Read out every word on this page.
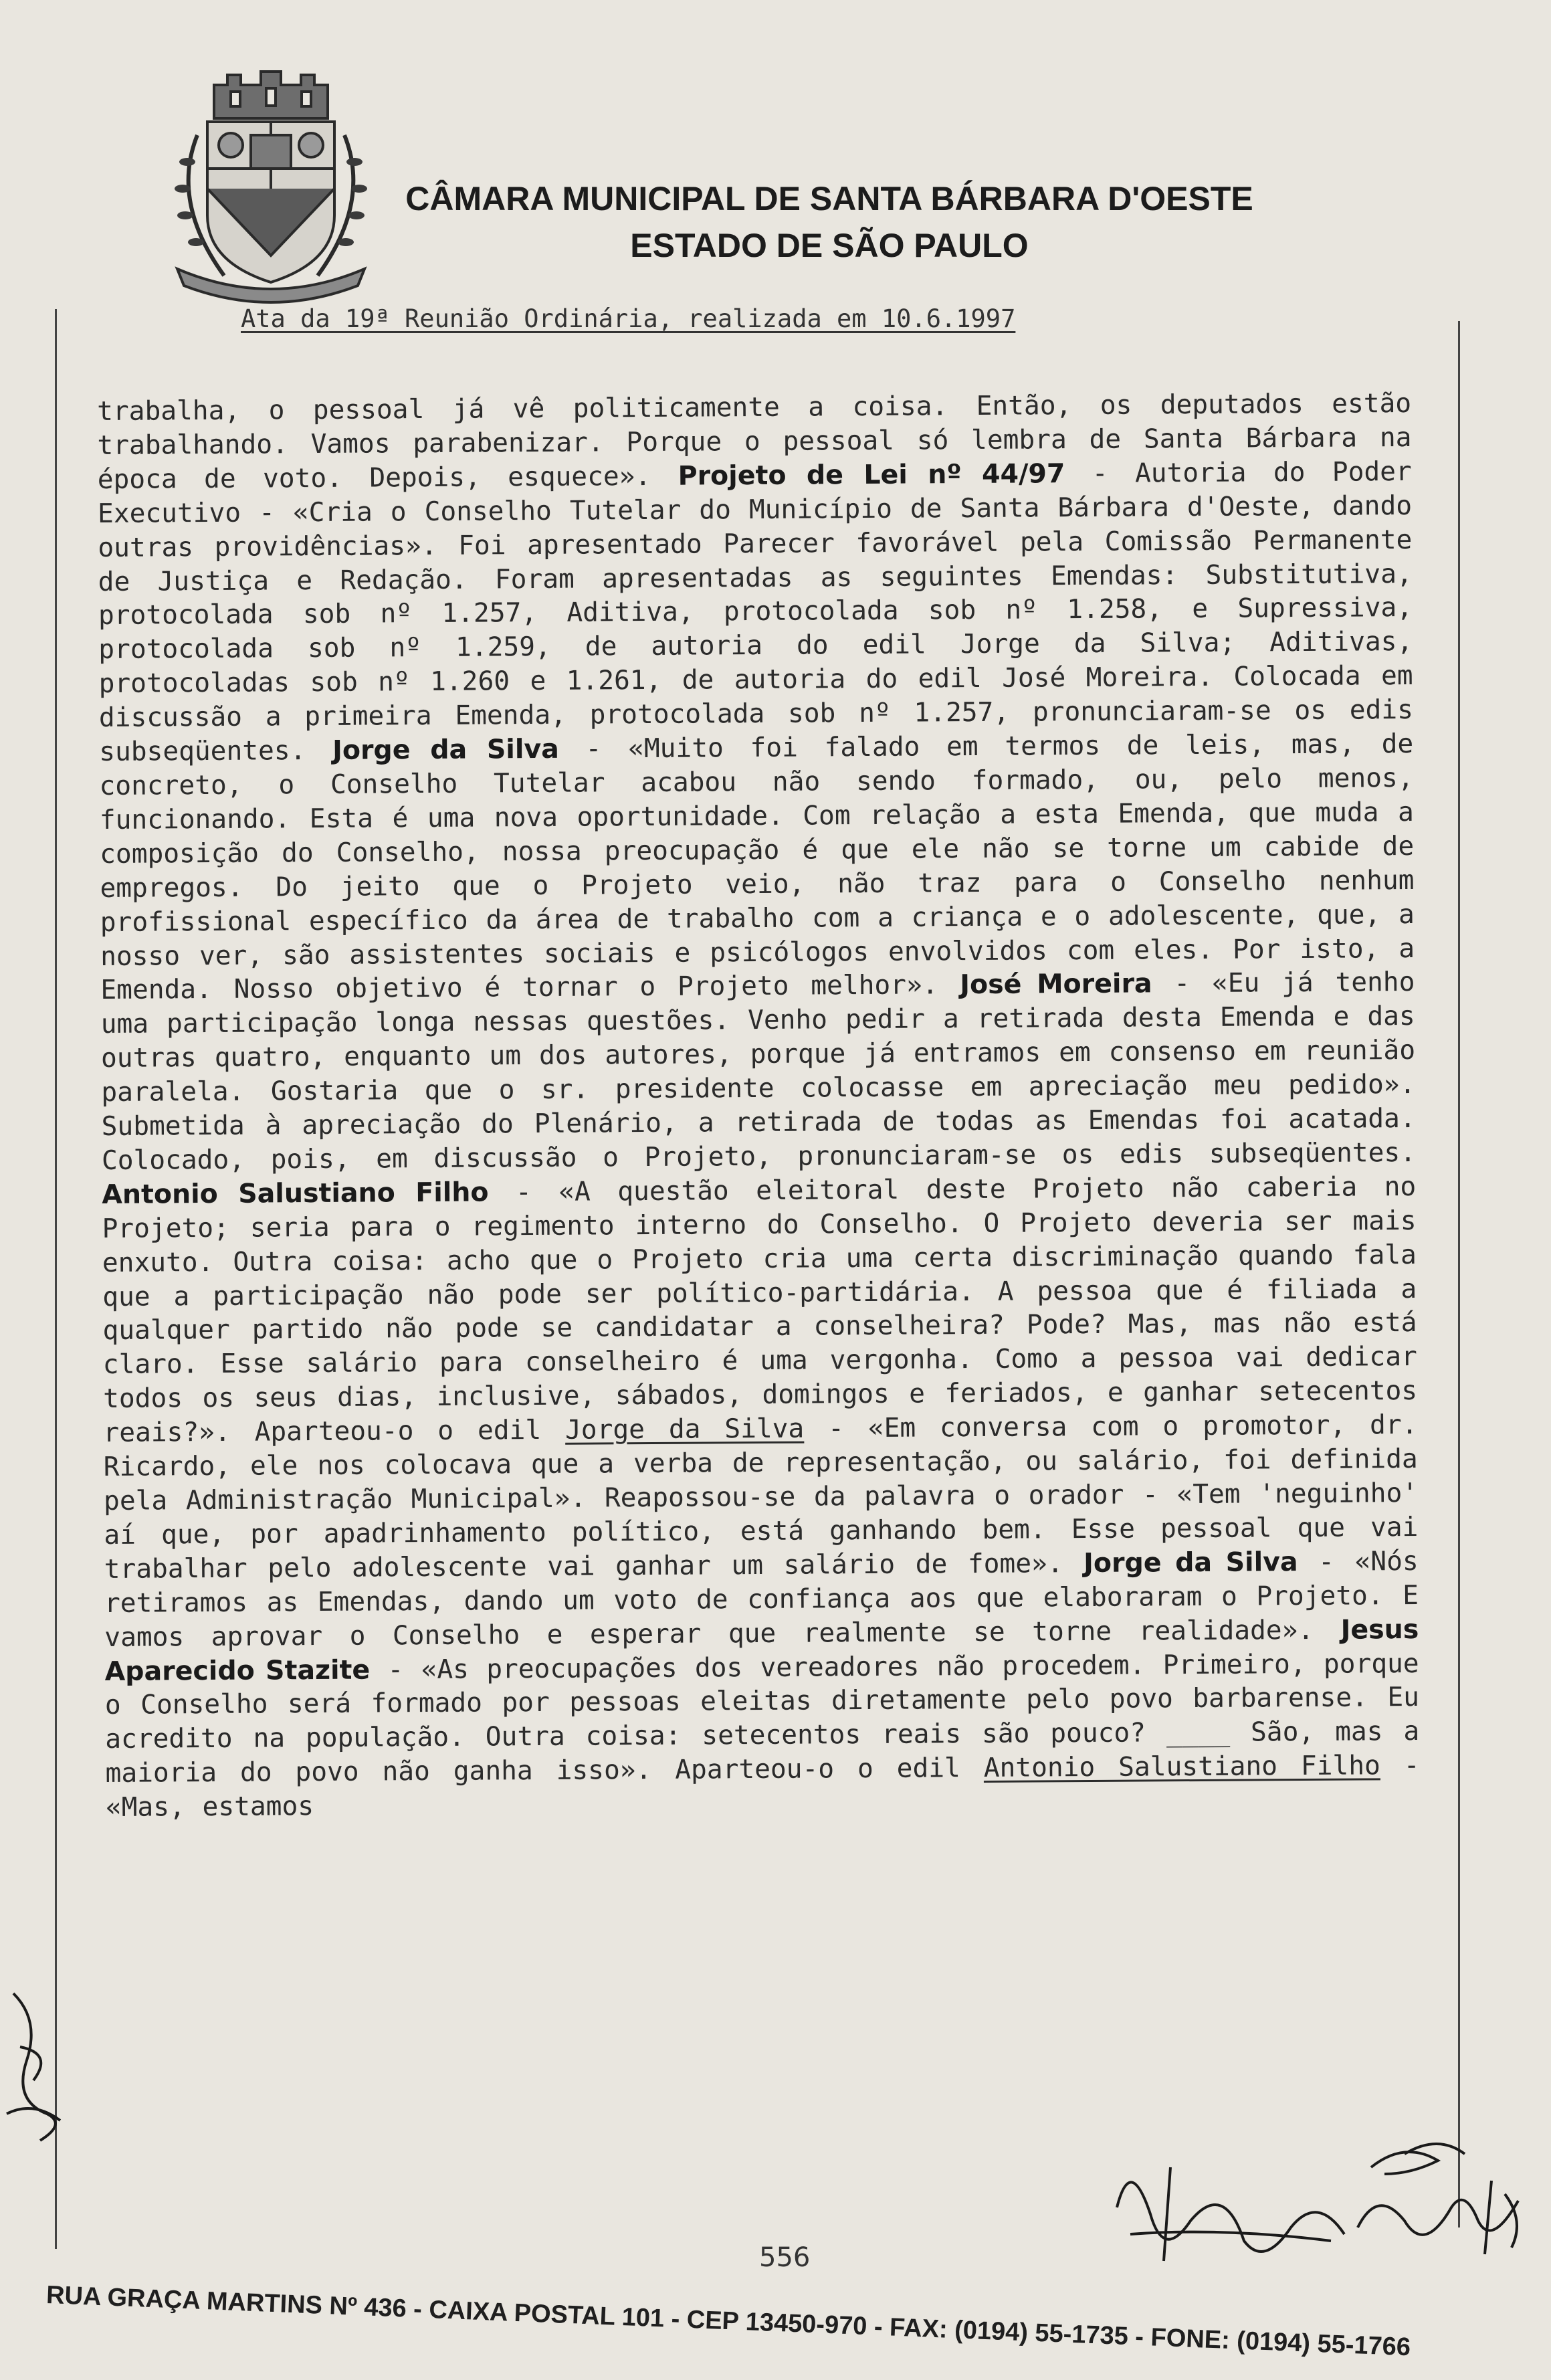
CÂMARA MUNICIPAL DE SANTA BÁRBARA D'OESTE
ESTADO DE SÃO PAULO
Ata da 19ª Reunião Ordinária, realizada em 10.6.1997
trabalha, o pessoal já vê politicamente a coisa. Então, os deputados estão trabalhando. Vamos parabenizar. Porque o pessoal só lembra de Santa Bárbara na época de voto. Depois, esquece». Projeto de Lei nº 44/97 - Autoria do Poder Executivo - «Cria o Conselho Tutelar do Município de Santa Bárbara d'Oeste, dando outras providências». Foi apresentado Parecer favorável pela Comissão Permanente de Justiça e Redação. Foram apresentadas as seguintes Emendas: Substitutiva, protocolada sob nº 1.257, Aditiva, protocolada sob nº 1.258, e Supressiva, protocolada sob nº 1.259, de autoria do edil Jorge da Silva; Aditivas, protocoladas sob nº 1.260 e 1.261, de autoria do edil José Moreira. Colocada em discussão a primeira Emenda, protocolada sob nº 1.257, pronunciaram-se os edis subseqüentes. Jorge da Silva - «Muito foi falado em termos de leis, mas, de concreto, o Conselho Tutelar acabou não sendo formado, ou, pelo menos, funcionando. Esta é uma nova oportunidade. Com relação a esta Emenda, que muda a composição do Conselho, nossa preocupação é que ele não se torne um cabide de empregos. Do jeito que o Projeto veio, não traz para o Conselho nenhum profissional específico da área de trabalho com a criança e o adolescente, que, a nosso ver, são assistentes sociais e psicólogos envolvidos com eles. Por isto, a Emenda. Nosso objetivo é tornar o Projeto melhor». José Moreira - «Eu já tenho uma participação longa nessas questões. Venho pedir a retirada desta Emenda e das outras quatro, enquanto um dos autores, porque já entramos em consenso em reunião paralela. Gostaria que o sr. presidente colocasse em apreciação meu pedido». Submetida à apreciação do Plenário, a retirada de todas as Emendas foi acatada. Colocado, pois, em discussão o Projeto, pronunciaram-se os edis subseqüentes. Antonio Salustiano Filho - «A questão eleitoral deste Projeto não caberia no Projeto; seria para o regimento interno do Conselho. O Projeto deveria ser mais enxuto. Outra coisa: acho que o Projeto cria uma certa discriminação quando fala que a participação não pode ser político-partidária. A pessoa que é filiada a qualquer partido não pode se candidatar a conselheira? Pode? Mas, mas não está claro. Esse salário para conselheiro é uma vergonha. Como a pessoa vai dedicar todos os seus dias, inclusive, sábados, domingos e feriados, e ganhar setecentos reais?». Aparteou-o o edil Jorge da Silva - «Em conversa com o promotor, dr. Ricardo, ele nos colocava que a verba de representação, ou salário, foi definida pela Administração Municipal». Reapossou-se da palavra o orador - «Tem 'neguinho' aí que, por apadrinhamento político, está ganhando bem. Esse pessoal que vai trabalhar pelo adolescente vai ganhar um salário de fome». Jorge da Silva - «Nós retiramos as Emendas, dando um voto de confiança aos que elaboraram o Projeto. E vamos aprovar o Conselho e esperar que realmente se torne realidade». Jesus Aparecido Stazite - «As preocupações dos vereadores não procedem. Primeiro, porque o Conselho será formado por pessoas eleitas diretamente pelo povo barbarense. Eu acredito na população. Outra coisa: setecentos reais são pouco? ____ São, mas a maioria do povo não ganha isso». Aparteou-o o edil Antonio Salustiano Filho - «Mas, estamos
556
RUA GRAÇA MARTINS Nº 436 - CAIXA POSTAL 101 - CEP 13450-970 - FAX: (0194) 55-1735 - FONE: (0194) 55-1766
